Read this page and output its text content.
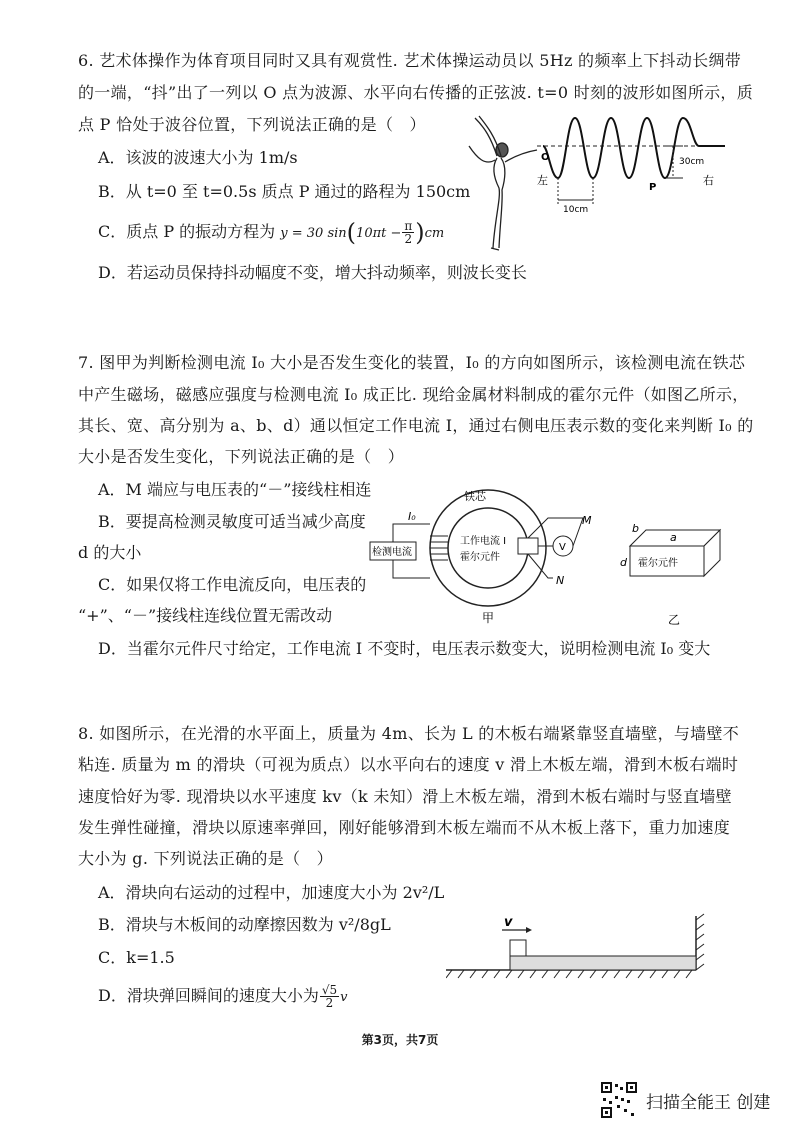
6. 艺术体操作为体育项目同时又具有观赏性. 艺术体操运动员以 5Hz 的频率上下抖动长绸带
的一端，“抖”出了一列以 O 点为波源、水平向右传播的正弦波. t=0 时刻的波形如图所示，质
点 P 恰处于波谷位置，下列说法正确的是（　）
A．该波的波速大小为 1m/s
B．从 t=0 至 t=0.5s 质点 P 通过的路程为 150cm
C．质点 P 的振动方程为 y = 30 $\sin(10\pi t - \frac{\pi}{2} )cm$
D．若运动员保持抖动幅度不变，增大抖动频率，则波长变长
30cm
10cm
O
P
左	右
7. 图甲为判断检测电流 I₀ 大小是否发生变化的装置，I₀ 的方向如图所示，该检测电流在铁芯
中产生磁场，磁感应强度与检测电流 I₀ 成正比. 现给金属材料制成的霍尔元件（如图乙所示，
其长、宽、高分别为 a、b、d）通以恒定工作电流 I，通过右侧电压表示数的变化来判断 I₀ 的
大小是否发生变化，下列说法正确的是（　）
A．M 端应与电压表的“－”接线柱相连
B．要提高检测灵敏度可适当减少高度
d 的大小
C．如果仅将工作电流反向，电压表的
“+”、“－”接线柱连线位置无需改动
D．当霍尔元件尺寸给定，工作电流 I 不变时，电压表示数变大，说明检测电流 I₀ 变大
铁芯
检测电流
I₀
工作电流 I
霍尔元件
V
M
N
甲
b
a
d 霍尔元件
乙
8. 如图所示，在光滑的水平面上，质量为 4m、长为 L 的木板右端紧靠竖直墙壁，与墙壁不
粘连. 质量为 m 的滑块（可视为质点）以水平向右的速度 v 滑上木板左端，滑到木板右端时
速度恰好为零. 现滑块以水平速度 kv（k 未知）滑上木板左端，滑到木板右端时与竖直墙壁
发生弹性碰撞，滑块以原速率弹回，刚好能够滑到木板左端而不从木板上落下，重力加速度
大小为 g. 下列说法正确的是（　）
A．滑块向右运动的过程中，加速度大小为 2v²/L
B．滑块与木板间的动摩擦因数为 v²/8gL
C．k=1.5
D．滑块弹回瞬间的速度大小为 $\frac{√5}{2}$ v
v
第3页，共7页
扫描全能王 创建
